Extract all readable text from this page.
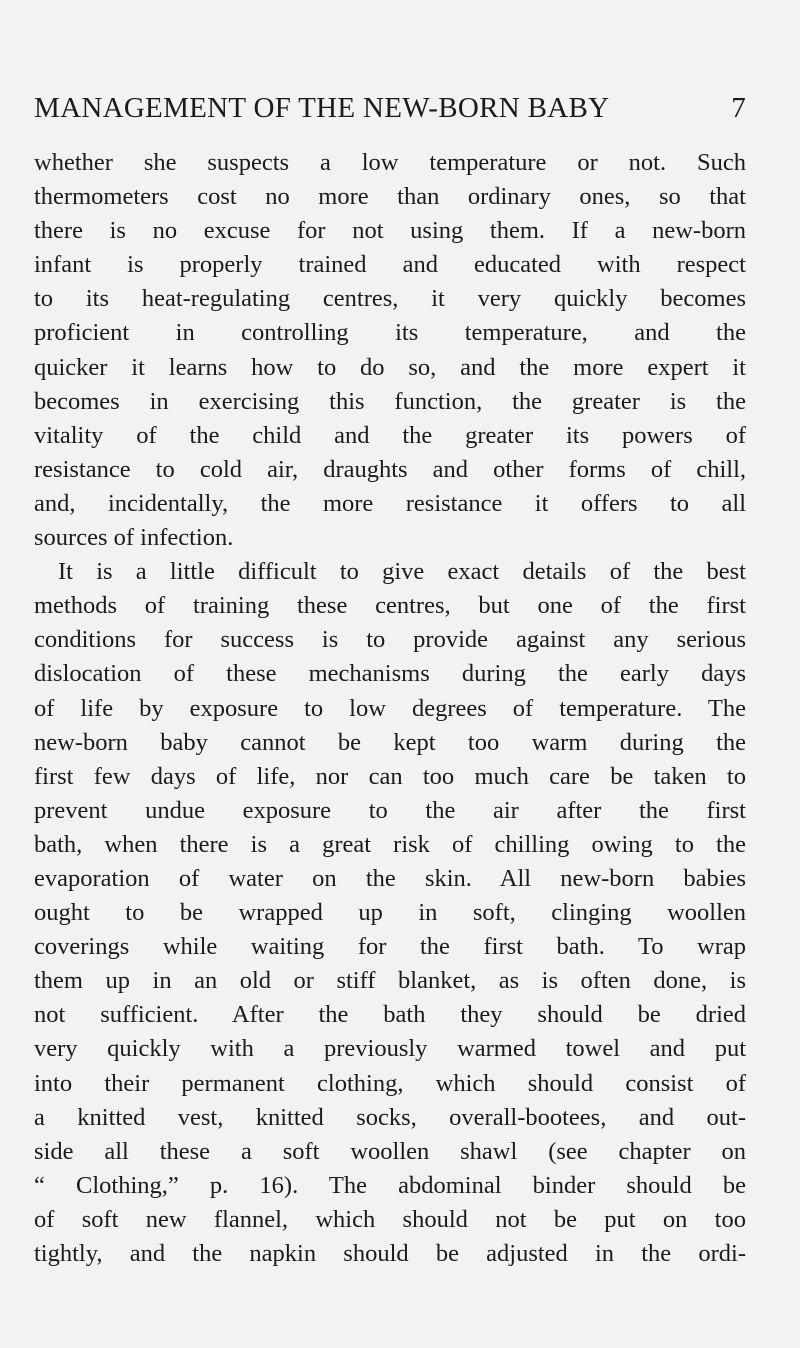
MANAGEMENT OF THE NEW-BORN BABY	7
whether she suspects a low temperature or not. Such
thermometers cost no more than ordinary ones, so that
there is no excuse for not using them. If a new-born
infant is properly trained and educated with respect
to its heat-regulating centres, it very quickly becomes
proficient in controlling its temperature, and the
quicker it learns how to do so, and the more expert it
becomes in exercising this function, the greater is the
vitality of the child and the greater its powers of
resistance to cold air, draughts and other forms of chill,
and, incidentally, the more resistance it offers to all
sources of infection.
It is a little difficult to give exact details of the best
methods of training these centres, but one of the first
conditions for success is to provide against any serious
dislocation of these mechanisms during the early days
of life by exposure to low degrees of temperature. The
new-born baby cannot be kept too warm during the
first few days of life, nor can too much care be taken to
prevent undue exposure to the air after the first
bath, when there is a great risk of chilling owing to the
evaporation of water on the skin. All new-born babies
ought to be wrapped up in soft, clinging woollen
coverings while waiting for the first bath. To wrap
them up in an old or stiff blanket, as is often done, is
not sufficient. After the bath they should be dried
very quickly with a previously warmed towel and put
into their permanent clothing, which should consist of
a knitted vest, knitted socks, overall-bootees, and out-
side all these a soft woollen shawl (see chapter on
“ Clothing,” p. 16). The abdominal binder should be
of soft new flannel, which should not be put on too
tightly, and the napkin should be adjusted in the ordi-
